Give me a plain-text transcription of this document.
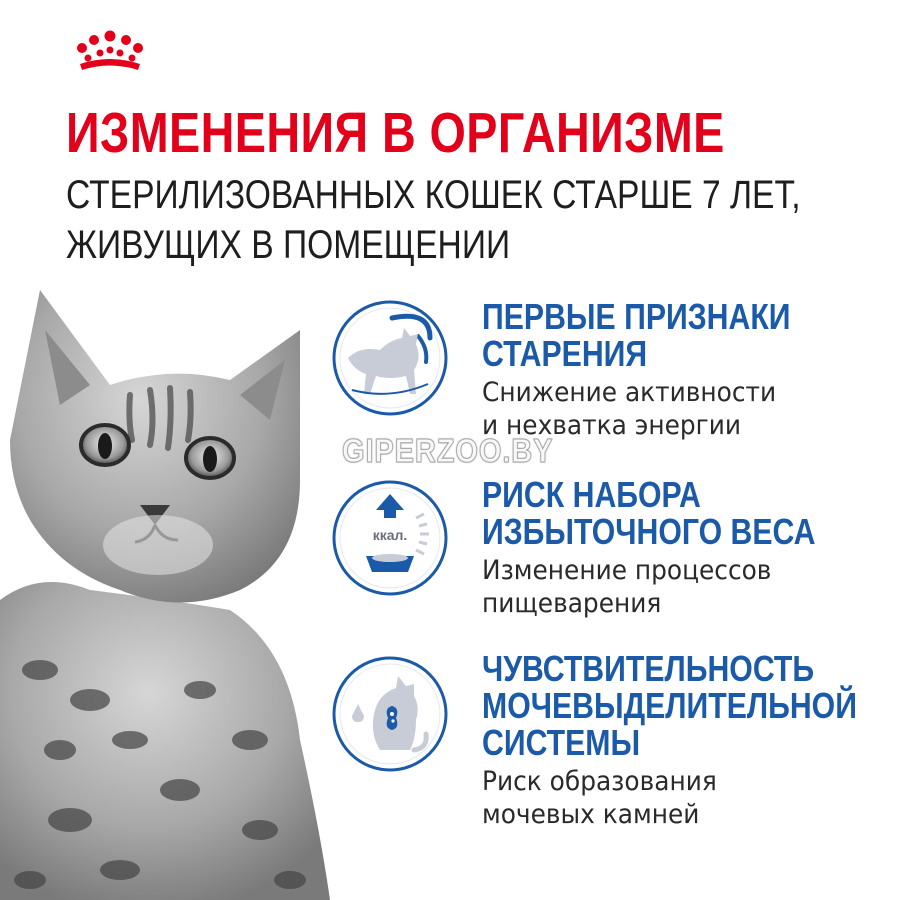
ИЗМЕНЕНИЯ В ОРГАНИЗМЕ
СТЕРИЛИЗОВАННЫХ КОШЕК СТАРШЕ 7 ЛЕТ,
ЖИВУЩИХ В ПОМЕЩЕНИИ
ккал.
ПЕРВЫЕ ПРИЗНАКИ
СТАРЕНИЯ
Снижение активности
и нехватка энергии
РИСК НАБОРА
ИЗБЫТОЧНОГО ВЕСА
Изменение процессов
пищеварения
ЧУВСТВИТЕЛЬНОСТЬ
МОЧЕВЫДЕЛИТЕЛЬНОЙ
СИСТЕМЫ
Риск образования
мочевых камней
GIPERZOO.BY
